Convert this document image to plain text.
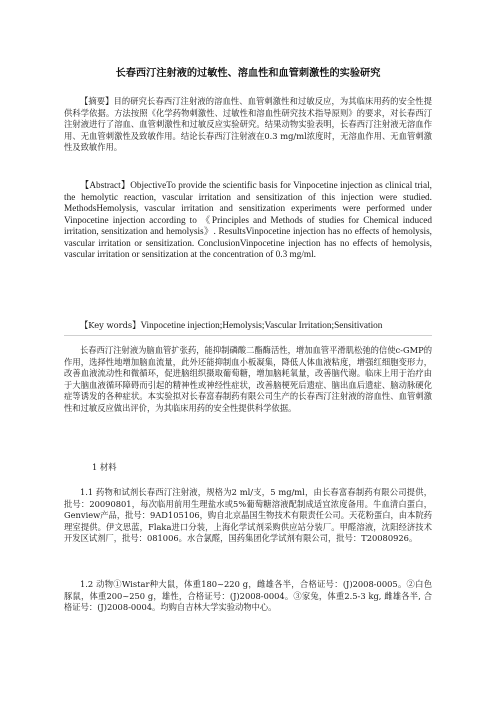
长春西汀注射液的过敏性、溶血性和血管刺激性的实验研究

【摘要】目的研究长春西汀注射液的溶血性、血管刺激性和过敏反应，为其临床用药的安全性提供科学依据。方法按照《化学药物刺激性、过敏性和溶血性研究技术指导原则》的要求，对长春西汀注射液进行了溶血、血管刺激性和过敏反应实验研究。结果动物实验表明，长春西汀注射液无溶血作用、无血管刺激性及致敏作用。结论长春西汀注射液在0.3 mg/ml浓度时，无溶血作用、无血管刺激性及致敏作用。

【Abstract】ObjectiveTo provide the scientific basis for Vinpocetine injection as clinical trial, the hemolytic reaction, vascular irritation and sensitization of this injection were studied. MethodsHemolysis, vascular irritation and sensitization experiments were performed under Vinpocetine injection according to 《Principles and Methods of studies for Chemical induced irritation, sensitization and hemolysis》. ResultsVinpocetine injection has no effects of hemolysis, vascular irritation or sensitization. ConclusionVinpocetine injection has no effects of hemolysis, vascular irritation or sensitization at the concentration of 0.3 mg/ml.

【Key words】Vinpocetine injection;Hemolysis;Vascular Irritation;Sensitivation

长春西汀注射液为脑血管扩张药，能抑制磷酸二酯酶活性，增加血管平滑肌松弛的信使c-GMP的作用，选择性地增加脑血流量，此外还能抑制血小板凝集，降低人体血液粘度，增强红细胞变形力，改善血液流动性和微循环，促进脑组织摄取葡萄糖，增加脑耗氧量，改善脑代谢。临床上用于治疗由于大脑血液循环障碍而引起的精神性或神经性症状，改善脑梗死后遗症、脑出血后遗症、脑动脉硬化症等诱发的各种症状。本实验拟对长春富春制药有限公司生产的长春西汀注射液的溶血性、血管刺激性和过敏反应做出评价，为其临床用药的安全性提供科学依据。

1 材料

1.1 药物和试剂长春西汀注射液，规格为2 ml/支，5 mg/ml，由长春富春制药有限公司提供，批号：20090801，每次临用前用生理盐水或5%葡萄糖溶液配制成适宜浓度备用。牛血清白蛋白，Genview产品，批号：9AD105106，购自北京晶国生物技术有限责任公司。天花粉蛋白，由本院药理室提供。伊文思蓝，Flaka进口分装，上海化学试剂采购供应站分装厂。甲醛溶液，沈阳经济技术开发区试剂厂，批号：081006。水合氯醛，国药集团化学试剂有限公司，批号：T20080926。

1.2 动物①Wistar种大鼠，体重180~220 g，雌雄各半，合格证号：(J)2008-0005。②白色豚鼠，体重200~250 g，雄性，合格证号：(J)2008-0004。③家兔，体重2.5-3 kg, 雌雄各半, 合格证号：(J)2008-0004。均购自吉林大学实验动物中心。
